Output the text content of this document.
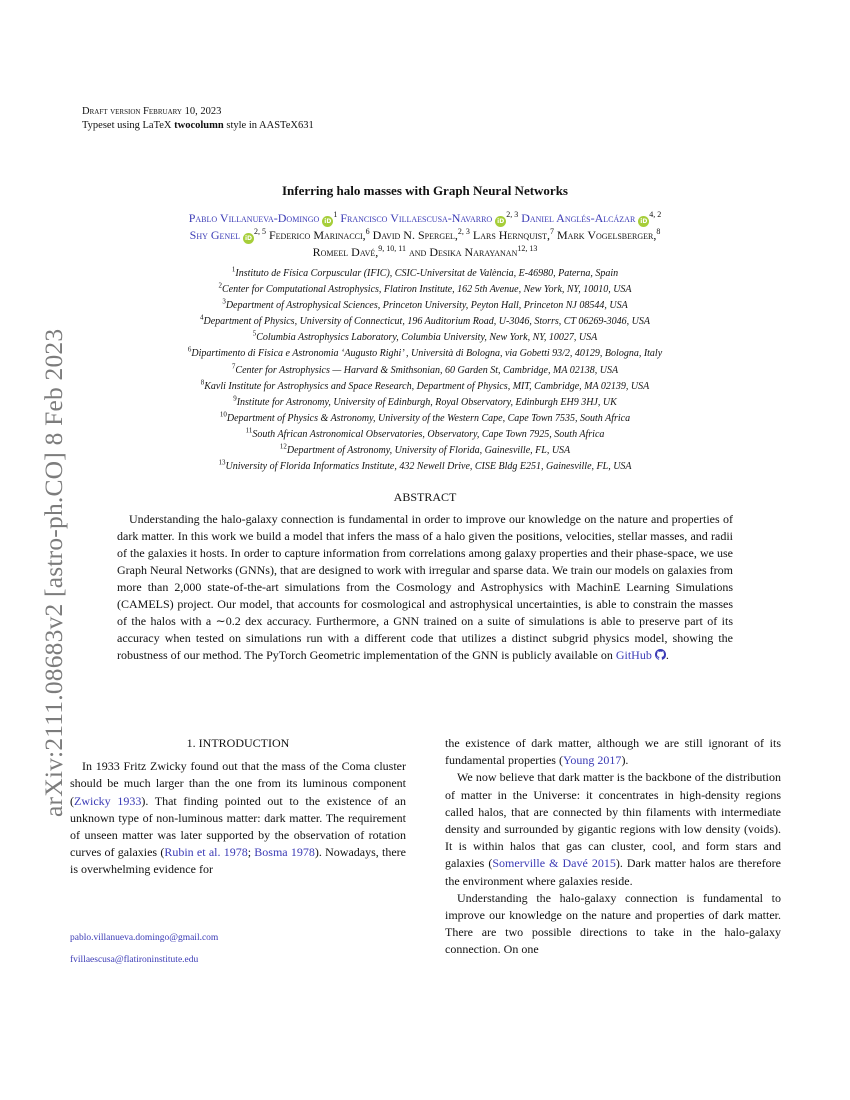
arXiv:2111.08683v2 [astro-ph.CO] 8 Feb 2023
Draft version February 10, 2023
Typeset using LaTeX twocolumn style in AASTeX631
Inferring halo masses with Graph Neural Networks
Pablo Villanueva-Domingo $iD^1$ Francisco Villaescusa-Navarro iD$^{2, 3}$ Daniel Anglés-Alcázar iD$^{4, 2}$
Shy Genel iD$^{2, 5}$ Federico Marinacci,$^6$ David N. Spergel,$^{2, 3}$ Lars Hernquist,$^7$ Mark Vogelsberger,$^8$
Romeel Davé,$^{9, 10, 11}$ and Desika Narayanan$^{12, 13}$
$^1$Instituto de Física Corpuscular (IFIC), CSIC-Universitat de València, E-46980, Paterna, Spain
$^2$Center for Computational Astrophysics, Flatiron Institute, 162 5th Avenue, New York, NY, 10010, USA
$^3$Department of Astrophysical Sciences, Princeton University, Peyton Hall, Princeton NJ 08544, USA
$^4$Department of Physics, University of Connecticut, 196 Auditorium Road, U-3046, Storrs, CT 06269-3046, USA
$^5$Columbia Astrophysics Laboratory, Columbia University, New York, NY, 10027, USA
$^6$Dipartimento di Fisica e Astronomia ‘Augusto Righi’ , Università di Bologna, via Gobetti 93/2, 40129, Bologna, Italy
$^7$Center for Astrophysics — Harvard & Smithsonian, 60 Garden St, Cambridge, MA 02138, USA
$^8$Kavli Institute for Astrophysics and Space Research, Department of Physics, MIT, Cambridge, MA 02139, USA
$^9$Institute for Astronomy, University of Edinburgh, Royal Observatory, Edinburgh EH9 3HJ, UK
$^{10}$Department of Physics & Astronomy, University of the Western Cape, Cape Town 7535, South Africa
$^{11}$South African Astronomical Observatories, Observatory, Cape Town 7925, South Africa
$^{12}$Department of Astronomy, University of Florida, Gainesville, FL, USA
$^{13}$University of Florida Informatics Institute, 432 Newell Drive, CISE Bldg E251, Gainesville, FL, USA
ABSTRACT
Understanding the halo-galaxy connection is fundamental in order to improve our knowledge on the nature and properties of dark matter. In this work we build a model that infers the mass of a halo given the positions, velocities, stellar masses, and radii of the galaxies it hosts. In order to capture information from correlations among galaxy properties and their phase-space, we use Graph Neural Networks (GNNs), that are designed to work with irregular and sparse data. We train our models on galaxies from more than 2,000 state-of-the-art simulations from the Cosmology and Astrophysics with MachinE Learning Simulations (CAMELS) project. Our model, that accounts for cosmological and astrophysical uncertainties, is able to constrain the masses of the halos with a ∼0.2 dex accuracy. Furthermore, a GNN trained on a suite of simulations is able to preserve part of its accuracy when tested on simulations run with a different code that utilizes a distinct subgrid physics model, showing the robustness of our method. The PyTorch Geometric implementation of the GNN is publicly available on GitHub .
1. INTRODUCTION

In 1933 Fritz Zwicky found out that the mass of the Coma cluster should be much larger than the one from its luminous component (Zwicky 1933). That finding pointed out to the existence of an unknown type of non-luminous matter: dark matter. The requirement of unseen matter was later supported by the observation of rotation curves of galaxies (Rubin et al. 1978; Bosma 1978). Nowadays, there is overwhelming evidence for

pablo.villanueva.domingo@gmail.com
fvillaescusa@flatironinstitute.edu

the existence of dark matter, although we are still ignorant of its fundamental properties (Young 2017).

We now believe that dark matter is the backbone of the distribution of matter in the Universe: it concentrates in high-density regions called halos, that are connected by thin filaments with intermediate density and surrounded by gigantic regions with low density (voids). It is within halos that gas can cluster, cool, and form stars and galaxies (Somerville & Davé 2015). Dark matter halos are therefore the environment where galaxies reside.

Understanding the halo-galaxy connection is fundamental to improve our knowledge on the nature and properties of dark matter. There are two possible directions to take in the halo-galaxy connection. On one
